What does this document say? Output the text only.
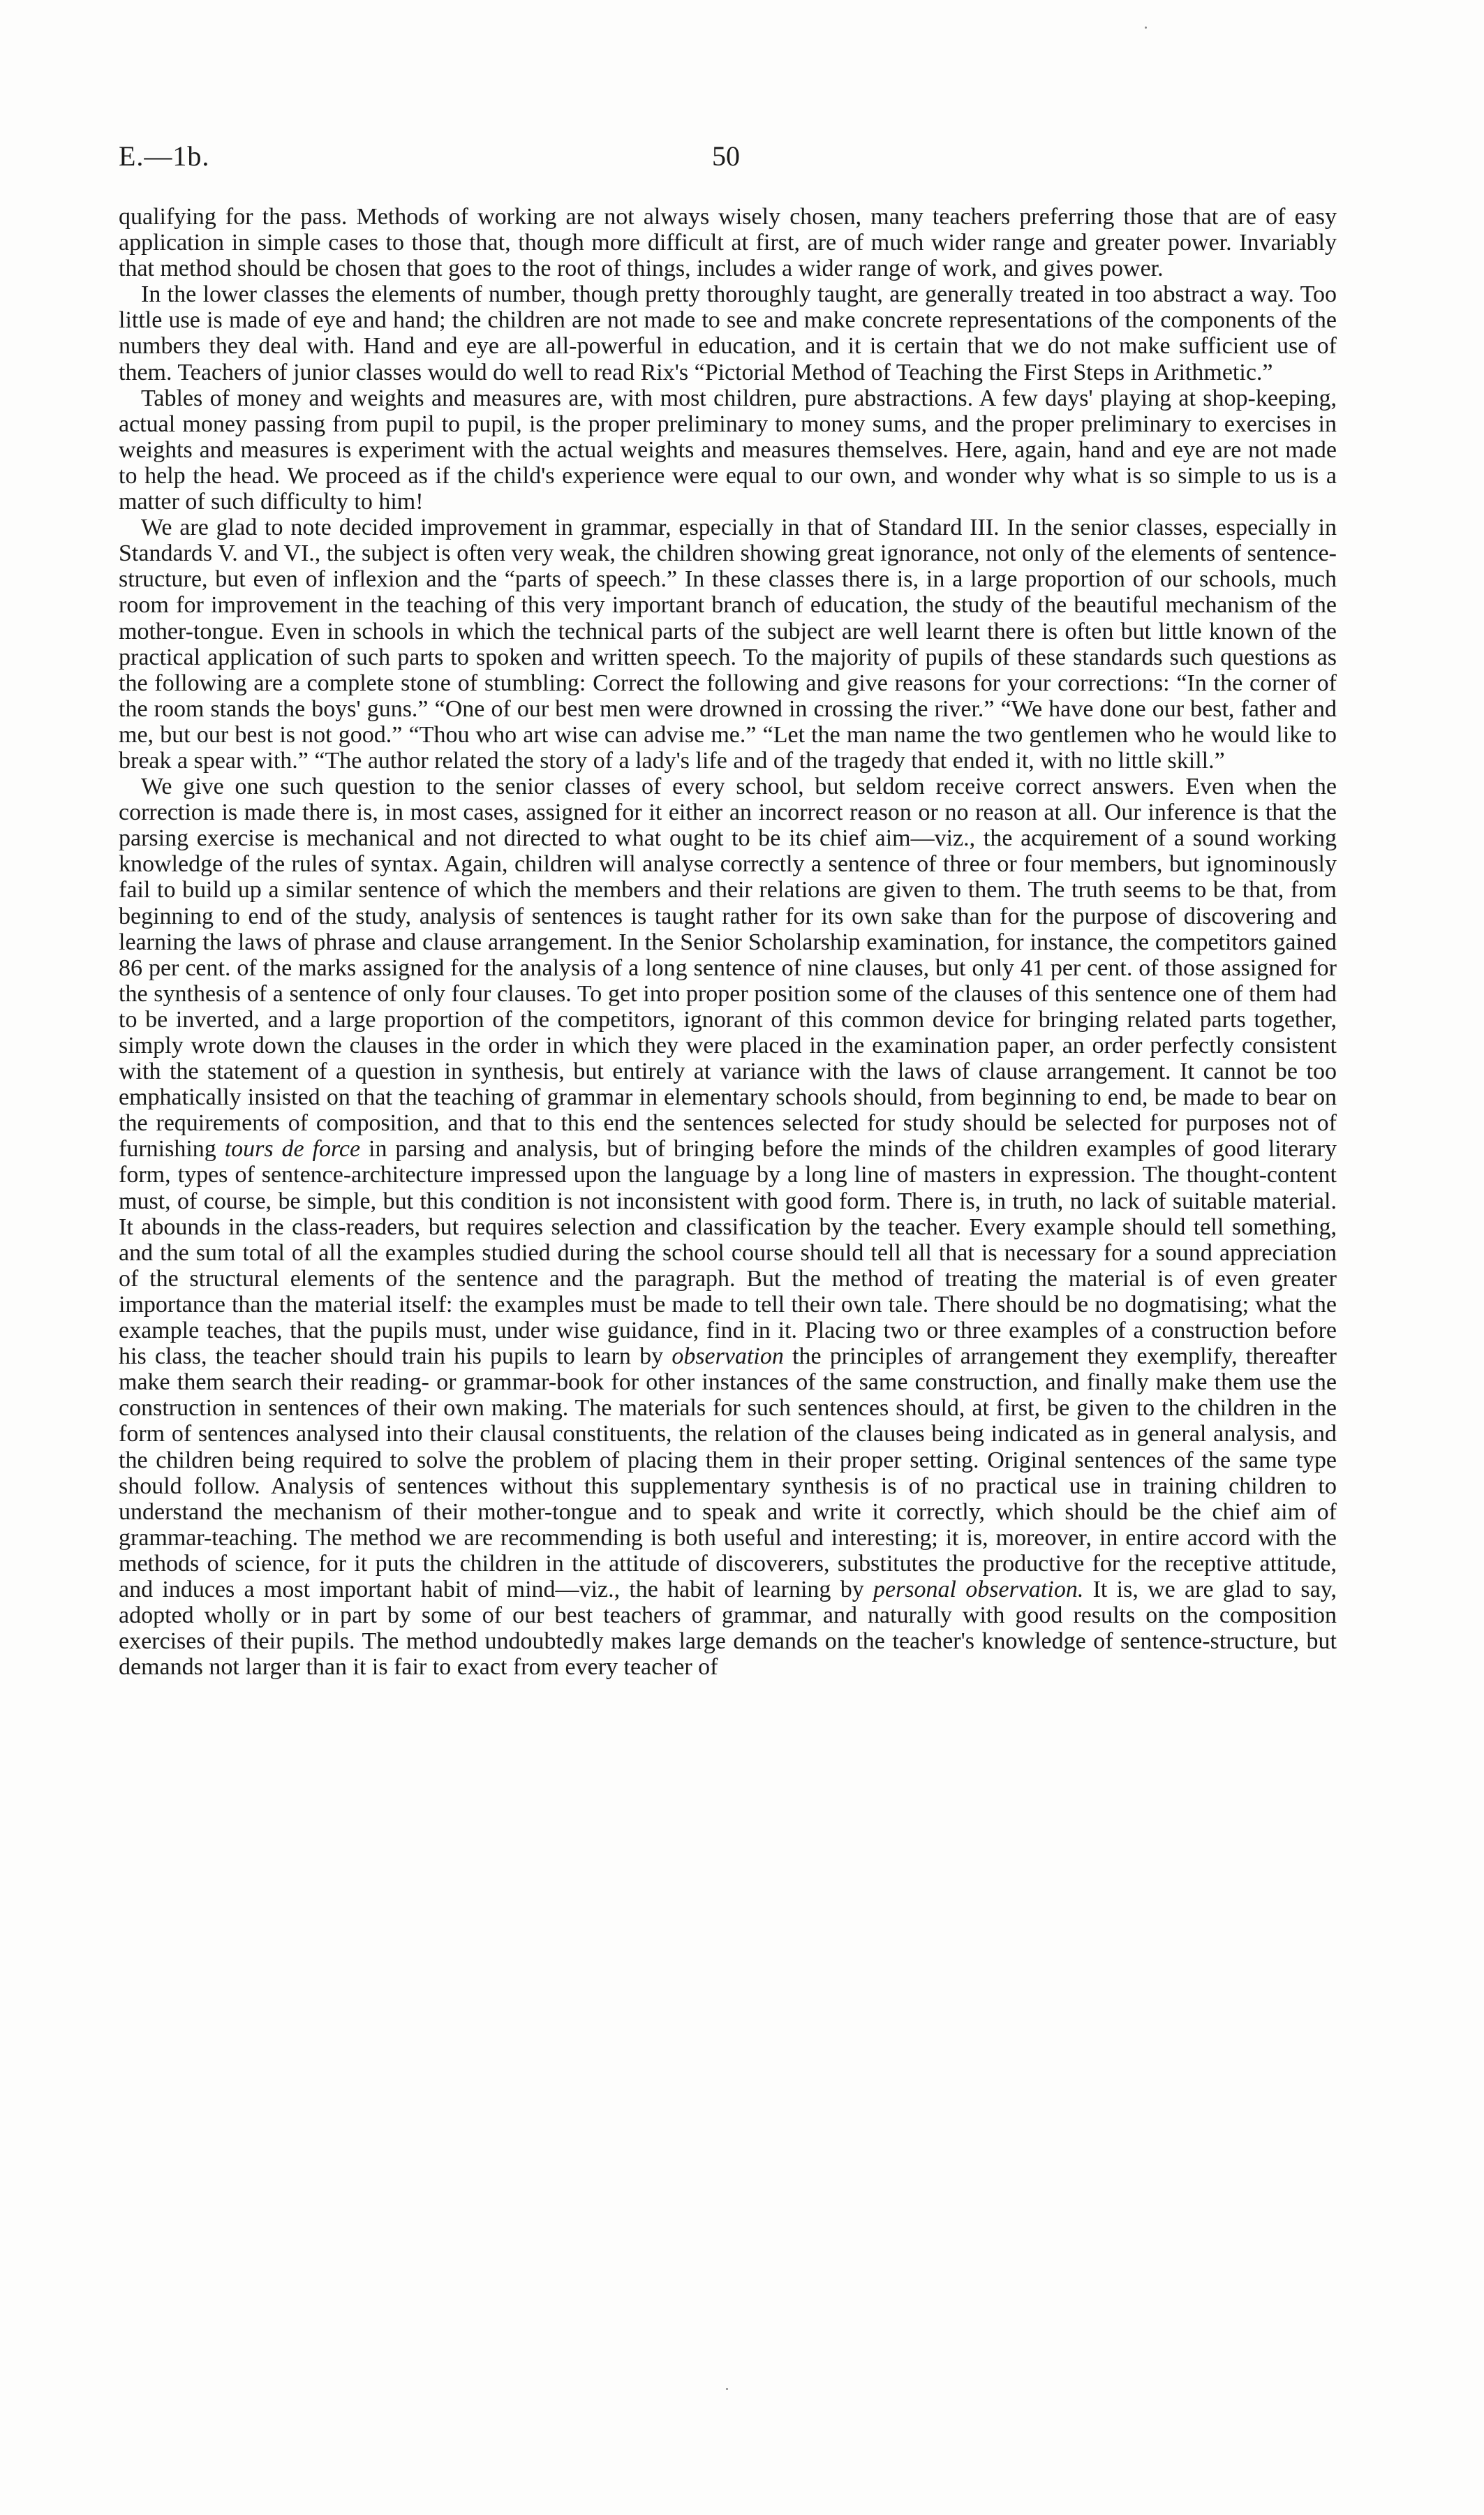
E.—1b.	50

qualifying for the pass. Methods of working are not always wisely chosen, many teachers preferring those that are of easy application in simple cases to those that, though more difficult at first, are of much wider range and greater power. Invariably that method should be chosen that goes to the root of things, includes a wider range of work, and gives power.

In the lower classes the elements of number, though pretty thoroughly taught, are generally treated in too abstract a way. Too little use is made of eye and hand; the children are not made to see and make concrete representations of the components of the numbers they deal with. Hand and eye are all-powerful in education, and it is certain that we do not make sufficient use of them. Teachers of junior classes would do well to read Rix's “Pictorial Method of Teaching the First Steps in Arithmetic.”

Tables of money and weights and measures are, with most children, pure abstractions. A few days' playing at shop-keeping, actual money passing from pupil to pupil, is the proper preliminary to money sums, and the proper preliminary to exercises in weights and measures is experiment with the actual weights and measures themselves. Here, again, hand and eye are not made to help the head. We proceed as if the child's experience were equal to our own, and wonder why what is so simple to us is a matter of such difficulty to him!

We are glad to note decided improvement in grammar, especially in that of Standard III. In the senior classes, especially in Standards V. and VI., the subject is often very weak, the children showing great ignorance, not only of the elements of sentence-structure, but even of inflexion and the “parts of speech.” In these classes there is, in a large proportion of our schools, much room for improvement in the teaching of this very important branch of education, the study of the beautiful mechanism of the mother-tongue. Even in schools in which the technical parts of the subject are well learnt there is often but little known of the practical application of such parts to spoken and written speech. To the majority of pupils of these standards such questions as the following are a complete stone of stumbling: Correct the following and give reasons for your corrections: “In the corner of the room stands the boys' guns.” “One of our best men were drowned in crossing the river.” “We have done our best, father and me, but our best is not good.” “Thou who art wise can advise me.” “Let the man name the two gentlemen who he would like to break a spear with.” “The author related the story of a lady's life and of the tragedy that ended it, with no little skill.”

We give one such question to the senior classes of every school, but seldom receive correct answers. Even when the correction is made there is, in most cases, assigned for it either an incorrect reason or no reason at all. Our inference is that the parsing exercise is mechanical and not directed to what ought to be its chief aim—viz., the acquirement of a sound working knowledge of the rules of syntax. Again, children will analyse correctly a sentence of three or four members, but ignominously fail to build up a similar sentence of which the members and their relations are given to them. The truth seems to be that, from beginning to end of the study, analysis of sentences is taught rather for its own sake than for the purpose of discovering and learning the laws of phrase and clause arrangement. In the Senior Scholarship examination, for instance, the competitors gained 86 per cent. of the marks assigned for the analysis of a long sentence of nine clauses, but only 41 per cent. of those assigned for the synthesis of a sentence of only four clauses. To get into proper position some of the clauses of this sentence one of them had to be inverted, and a large proportion of the competitors, ignorant of this common device for bringing related parts together, simply wrote down the clauses in the order in which they were placed in the examination paper, an order perfectly consistent with the statement of a question in synthesis, but entirely at variance with the laws of clause arrangement. It cannot be too emphatically insisted on that the teaching of grammar in elementary schools should, from beginning to end, be made to bear on the requirements of composition, and that to this end the sentences selected for study should be selected for purposes not of furnishing tours de force in parsing and analysis, but of bringing before the minds of the children examples of good literary form, types of sentence-architecture impressed upon the language by a long line of masters in expression. The thought-content must, of course, be simple, but this condition is not inconsistent with good form. There is, in truth, no lack of suitable material. It abounds in the class-readers, but requires selection and classification by the teacher. Every example should tell something, and the sum total of all the examples studied during the school course should tell all that is necessary for a sound appreciation of the structural elements of the sentence and the paragraph. But the method of treating the material is of even greater importance than the material itself: the examples must be made to tell their own tale. There should be no dogmatising; what the example teaches, that the pupils must, under wise guidance, find in it. Placing two or three examples of a construction before his class, the teacher should train his pupils to learn by observation the principles of arrangement they exemplify, thereafter make them search their reading- or grammar-book for other instances of the same construction, and finally make them use the construction in sentences of their own making. The materials for such sentences should, at first, be given to the children in the form of sentences analysed into their clausal constituents, the relation of the clauses being indicated as in general analysis, and the children being required to solve the problem of placing them in their proper setting. Original sentences of the same type should follow. Analysis of sentences without this supplementary synthesis is of no practical use in training children to understand the mechanism of their mother-tongue and to speak and write it correctly, which should be the chief aim of grammar-teaching. The method we are recommending is both useful and interesting; it is, moreover, in entire accord with the methods of science, for it puts the children in the attitude of discoverers, substitutes the productive for the receptive attitude, and induces a most important habit of mind—viz., the habit of learning by personal observation. It is, we are glad to say, adopted wholly or in part by some of our best teachers of grammar, and naturally with good results on the composition exercises of their pupils. The method undoubtedly makes large demands on the teacher's knowledge of sentence-structure, but demands not larger than it is fair to exact from every teacher of
